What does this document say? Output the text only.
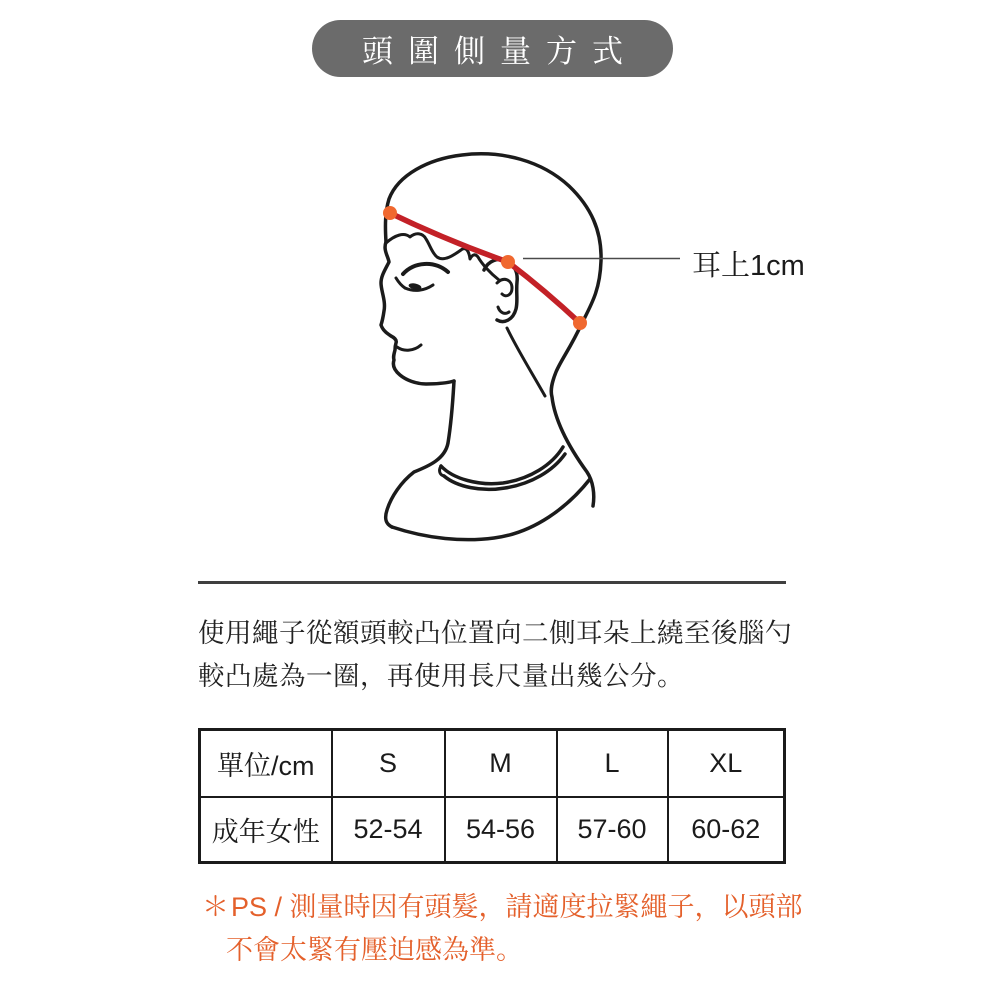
頭圍側量方式
耳上1cm

使用繩子從額頭較凸位置向二側耳朵上繞至後腦勺較凸處為一圈，再使用長尺量出幾公分。

單位/cm	S	M	L	XL
成年女性	52-54	54-56	57-60	60-62
＊PS / 測量時因有頭髮，請適度拉緊繩子，以頭部
不會太緊有壓迫感為準。
